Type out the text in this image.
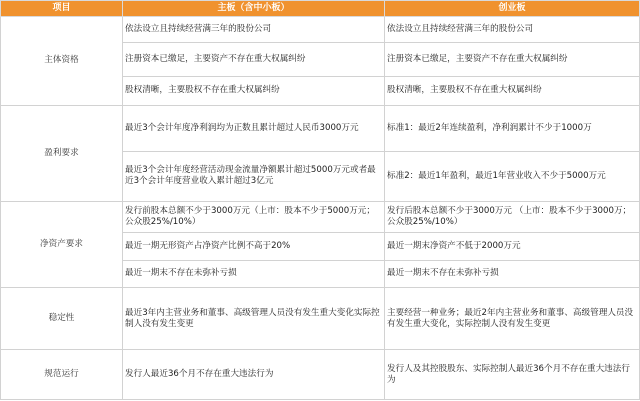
项目	主板（含中小板）	创业板
主体资格	依法设立且持续经营满三年的股份公司	依法设立且持续经营满三年的股份公司
	注册资本已缴足，主要资产不存在重大权属纠纷	注册资本已缴足，主要资产不存在重大权属纠纷
	股权清晰，主要股权不存在重大权属纠纷	股权清晰，主要股权不存在重大权属纠纷
盈利要求	最近3个会计年度净利润均为正数且累计超过人民币3000万元	标准1：最近2年连续盈利，净利润累计不少于1000万
	最近3个会计年度经营活动现金流量净额累计超过5000万元或者最近3个会计年度营业收入累计超过3亿元	标准2：最近1年盈利，最近1年营业收入不少于5000万元
净资产要求	发行前股本总额不少于3000万元（上市：股本不少于5000万元；公众股25%/10%）	发行后股本总额不少于3000万元 （上市：股本不少于3000万；公众股25%/10%）
	最近一期无形资产占净资产比例不高于20%	最近一期末净资产不低于2000万元
	最近一期末不存在未弥补亏损	最近一期末不存在未弥补亏损
稳定性	最近3年内主营业务和董事、高级管理人员没有发生重大变化实际控制人没有发生变更	主要经营一种业务；最近2年内主营业务和董事、高级管理人员没有发生重大变化，实际控制人没有发生变更
规范运行	发行人最近36个月不存在重大违法行为	发行人及其控股股东、实际控制人最近36个月不存在重大违法行为
